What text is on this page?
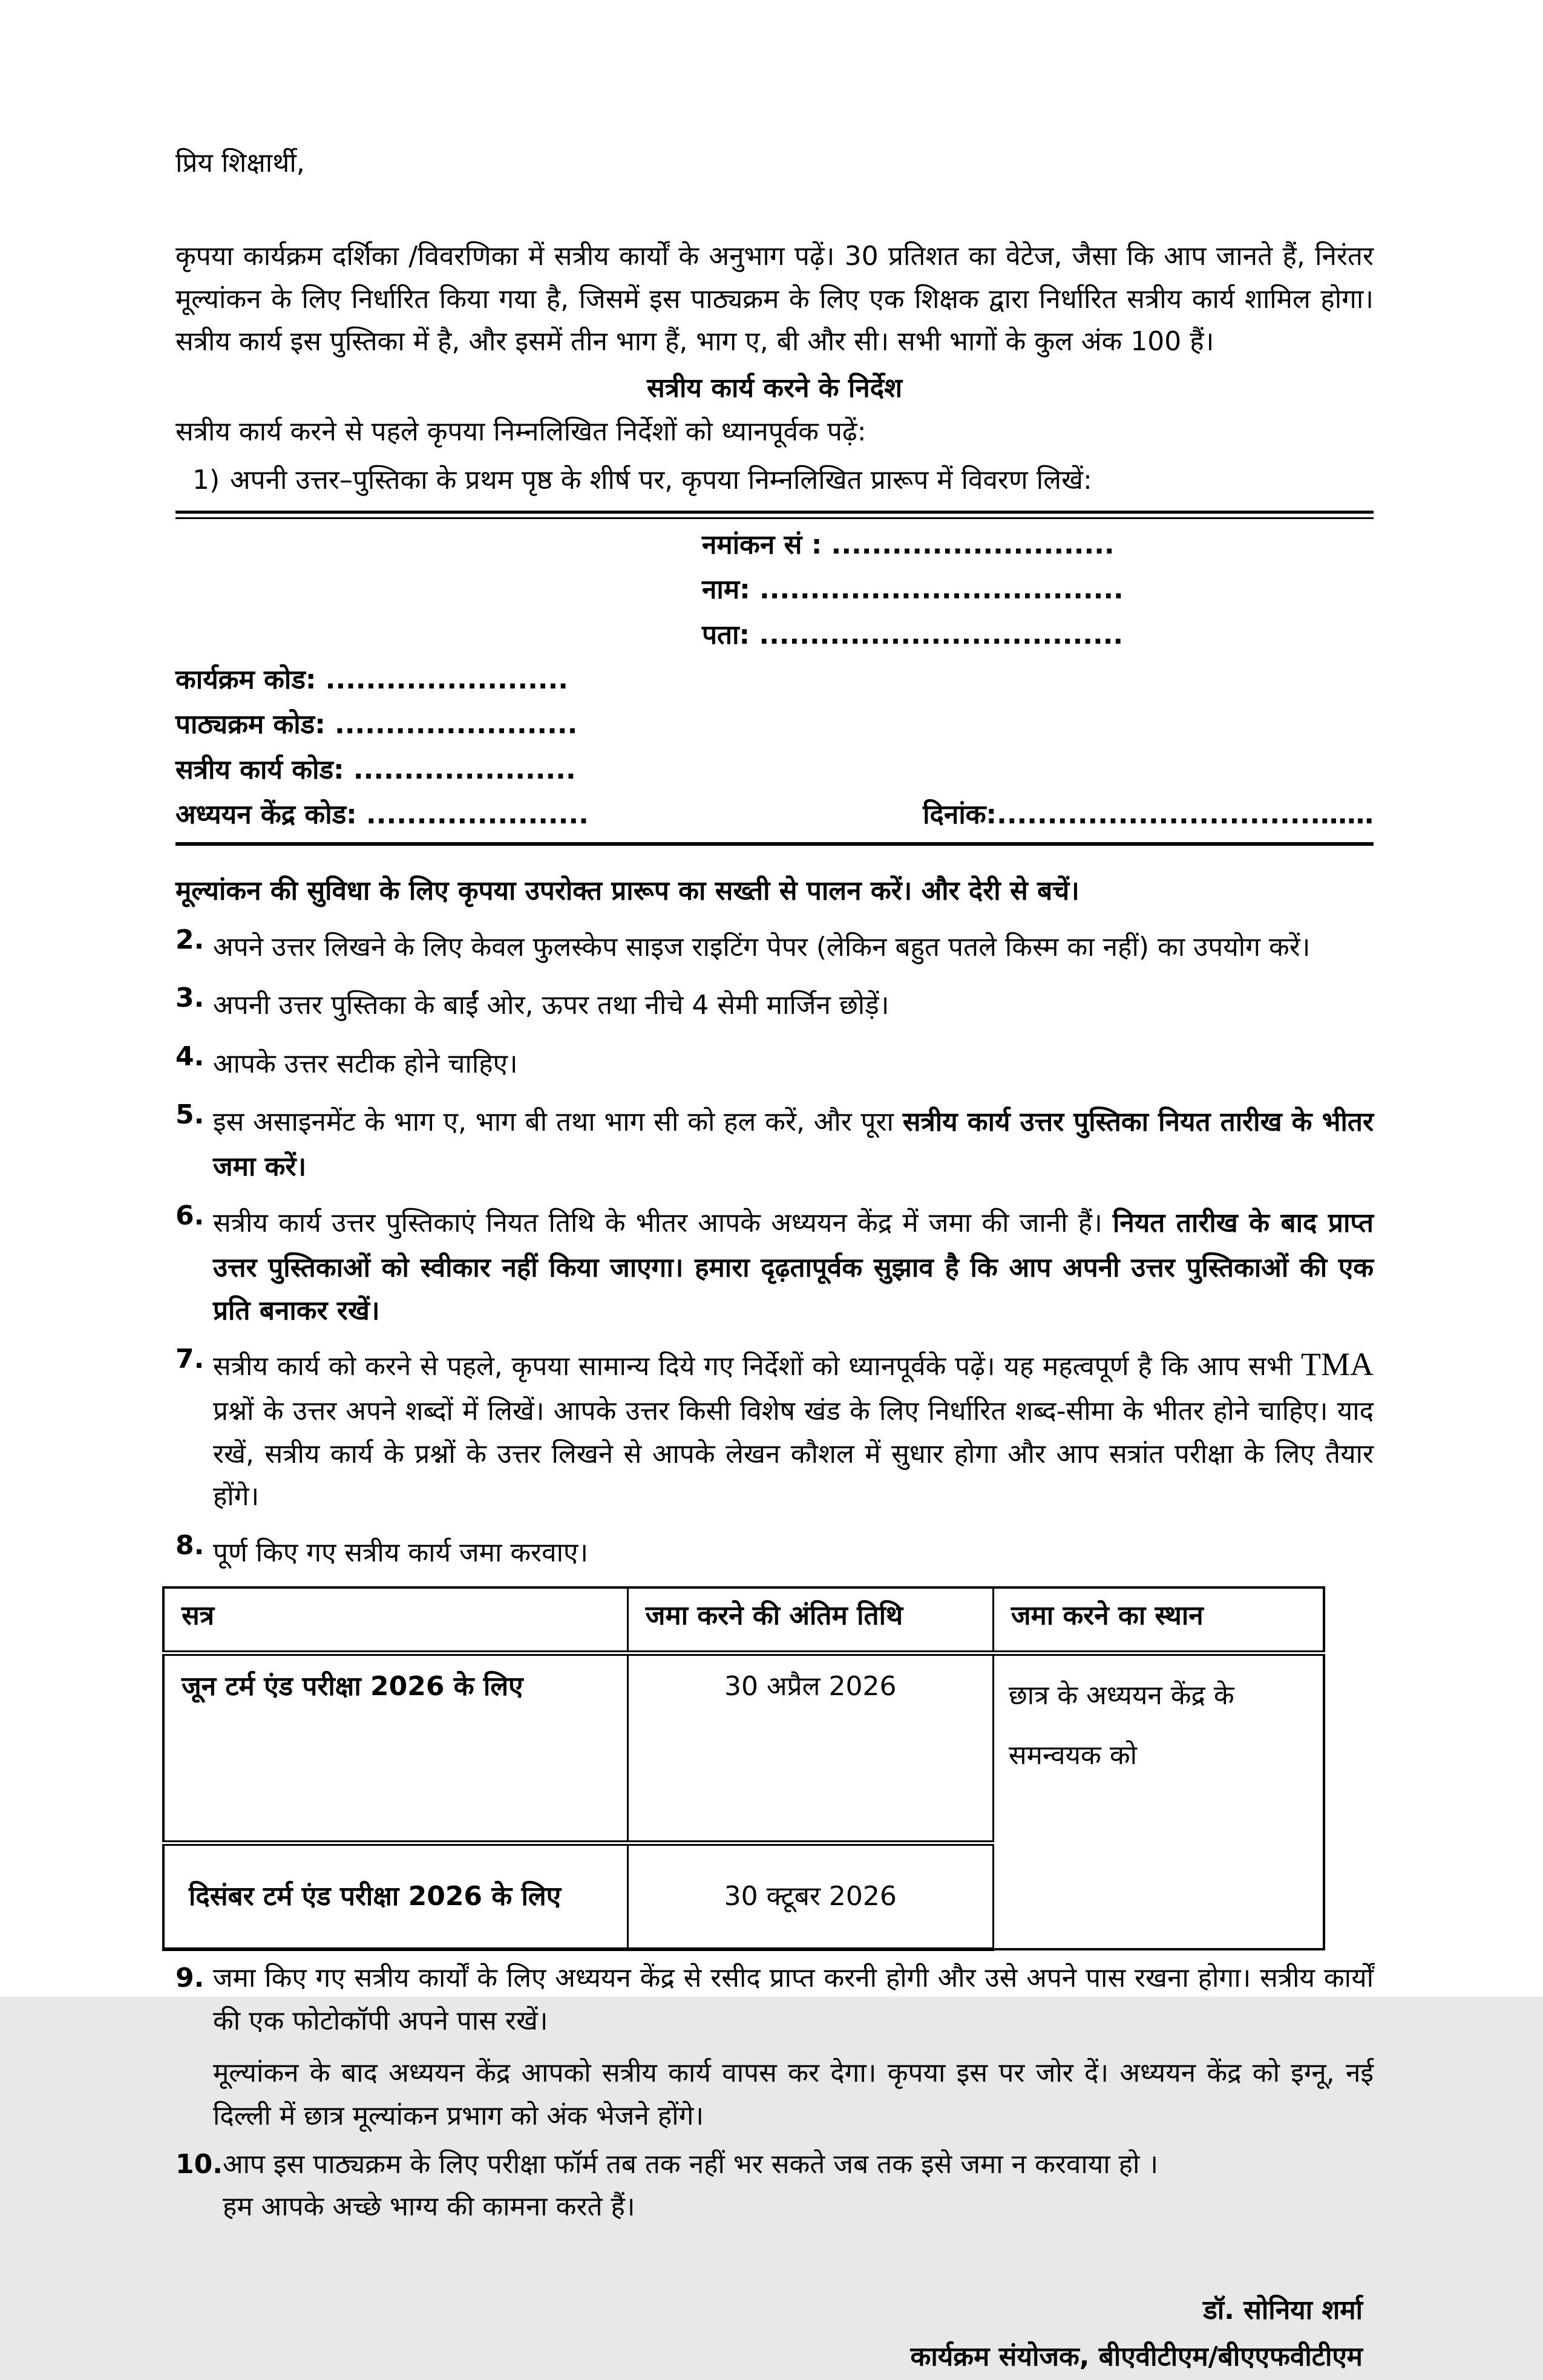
प्रिय शिक्षार्थी,
कृपया कार्यक्रम दर्शिका /विवरणिका में सत्रीय कार्यों के अनुभाग पढ़ें। 30 प्रतिशत का वेटेज, जैसा कि आप जानते हैं, निरंतर मूल्यांकन के लिए निर्धारित किया गया है, जिसमें इस पाठ्यक्रम के लिए एक शिक्षक द्वारा निर्धारित सत्रीय कार्य शामिल होगा। सत्रीय कार्य इस पुस्तिका में है, और इसमें तीन भाग हैं, भाग ए, बी और सी। सभी भागों के कुल अंक 100 हैं।
सत्रीय कार्य करने के निर्देश
सत्रीय कार्य करने से पहले कृपया निम्नलिखित निर्देशों को ध्यानपूर्वक पढ़ें:
1) अपनी उत्तर–पुस्तिका के प्रथम पृष्ठ के शीर्ष पर, कृपया निम्नलिखित प्रारूप में विवरण लिखें:
नमांकन सं : ............................
नाम: ....................................
पता: ....................................
कार्यक्रम कोड: ........................
पाठ्यक्रम कोड: ........................
सत्रीय कार्य कोड: ......................
अध्ययन केंद्र कोड: ......................	दिनांक:................................……
मूल्यांकन की सुविधा के लिए कृपया उपरोक्त प्रारूप का सख्ती से पालन करें। और देरी से बचें।
2. अपने उत्तर लिखने के लिए केवल फुलस्केप साइज राइटिंग पेपर (लेकिन बहुत पतले किस्म का नहीं) का उपयोग करें।
3. अपनी उत्तर पुस्तिका के बाईं ओर, ऊपर तथा नीचे 4 सेमी मार्जिन छोड़ें।
4. आपके उत्तर सटीक होने चाहिए।
5. इस असाइनमेंट के भाग ए, भाग बी तथा भाग सी को हल करें, और पूरा सत्रीय कार्य उत्तर पुस्तिका नियत तारीख के भीतर जमा करें।
6. सत्रीय कार्य उत्तर पुस्तिकाएं नियत तिथि के भीतर आपके अध्ययन केंद्र में जमा की जानी हैं। नियत तारीख के बाद प्राप्त उत्तर पुस्तिकाओं को स्वीकार नहीं किया जाएगा। हमारा दृढ़तापूर्वक सुझाव है कि आप अपनी उत्तर पुस्तिकाओं की एक प्रति बनाकर रखें।
7. सत्रीय कार्य को करने से पहले, कृपया सामान्य दिये गए निर्देशों को ध्यानपूर्वके पढ़ें। यह महत्वपूर्ण है कि आप सभी TMA प्रश्नों के उत्तर अपने शब्दों में लिखें। आपके उत्तर किसी विशेष खंड के लिए निर्धारित शब्द-सीमा के भीतर होने चाहिए। याद रखें, सत्रीय कार्य के प्रश्नों के उत्तर लिखने से आपके लेखन कौशल में सुधार होगा और आप सत्रांत परीक्षा के लिए तैयार होंगे।
8. पूर्ण किए गए सत्रीय कार्य जमा करवाए।
सत्र	जमा करने की अंतिम तिथि	जमा करने का स्थान
जून टर्म एंड परीक्षा 2026 के लिए	30 अप्रैल 2026	छात्र के अध्ययन केंद्र के समन्वयक को
दिसंबर टर्म एंड परीक्षा 2026 के लिए	30 क्टूबर 2026	
9. जमा किए गए सत्रीय कार्यों के लिए अध्ययन केंद्र से रसीद प्राप्त करनी होगी और उसे अपने पास रखना होगा। सत्रीय कार्यों की एक फोटोकॉपी अपने पास रखें।
मूल्यांकन के बाद अध्ययन केंद्र आपको सत्रीय कार्य वापस कर देगा। कृपया इस पर जोर दें। अध्ययन केंद्र को इग्नू, नई दिल्ली में छात्र मूल्यांकन प्रभाग को अंक भेजने होंगे।
10. आप इस पाठ्यक्रम के लिए परीक्षा फॉर्म तब तक नहीं भर सकते जब तक इसे जमा न करवाया हो ।
हम आपके अच्छे भाग्य की कामना करते हैं।
डॉ. सोनिया शर्मा
कार्यक्रम संयोजक, बीएवीटीएम/बीएएफवीटीएम
